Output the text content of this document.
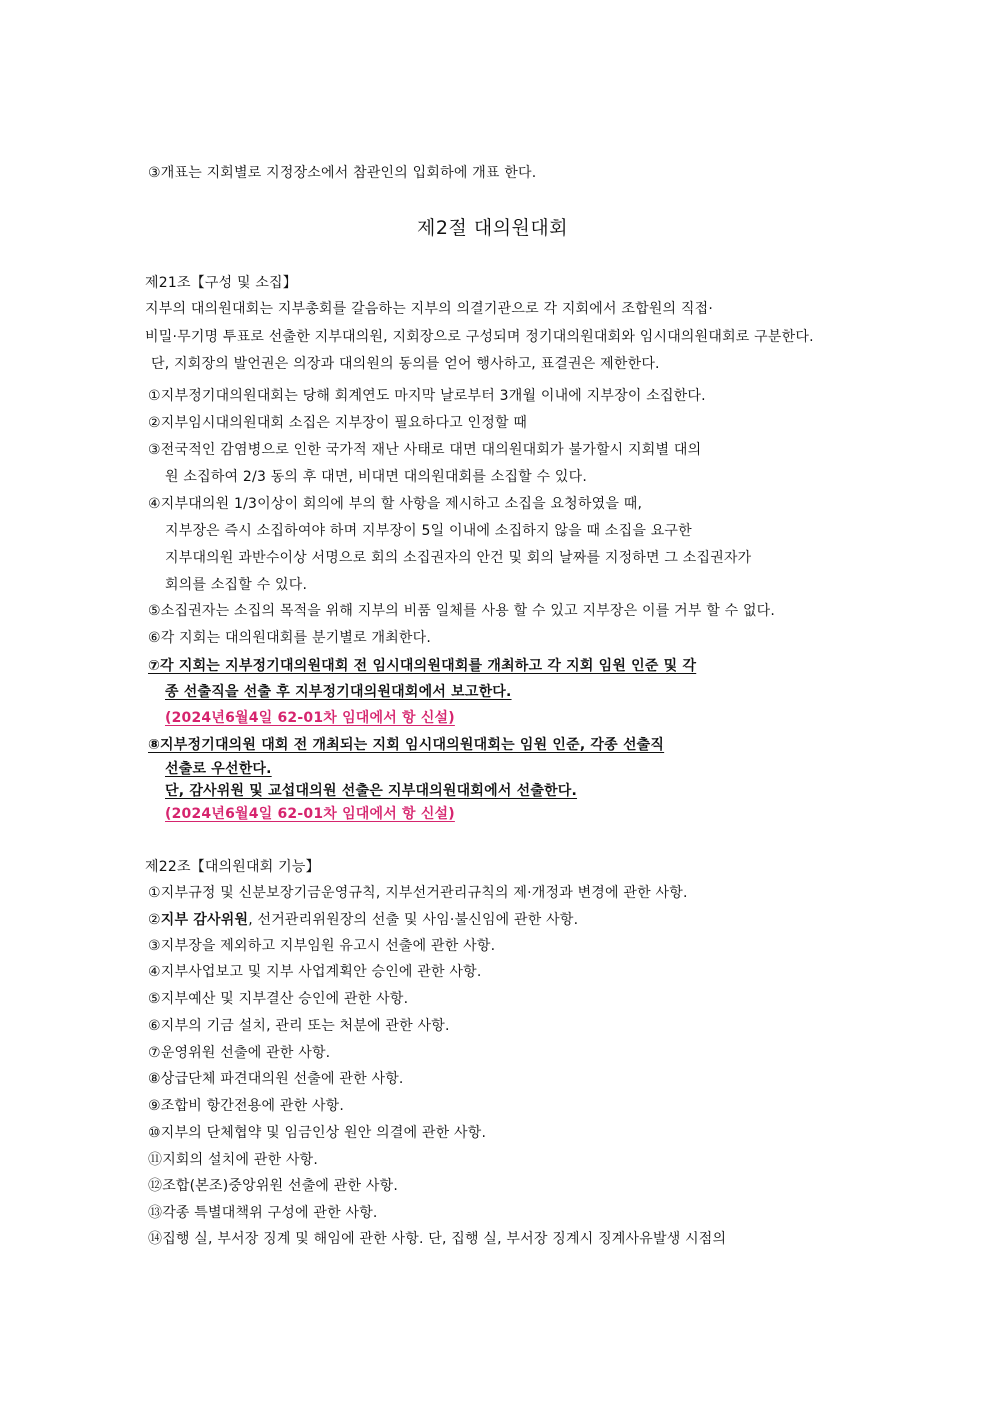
③개표는 지회별로 지정장소에서 참관인의 입회하에 개표 한다.
제2절 대의원대회
제21조【구성 및 소집】
지부의 대의원대회는 지부총회를 갈음하는 지부의 의결기관으로 각 지회에서 조합원의 직접·
비밀·무기명 투표로 선출한 지부대의원, 지회장으로 구성되며 정기대의원대회와 임시대의원대회로 구분한다.
단, 지회장의 발언권은 의장과 대의원의 동의를 얻어 행사하고, 표결권은 제한한다.
①지부정기대의원대회는 당해 회계연도 마지막 날로부터 3개월 이내에 지부장이 소집한다.
②지부임시대의원대회 소집은 지부장이 필요하다고 인정할 때
③전국적인 감염병으로 인한 국가적 재난 사태로 대면 대의원대회가 불가할시 지회별 대의
원 소집하여 2/3 동의 후 대면, 비대면 대의원대회를 소집할 수 있다.
④지부대의원 1/3이상이 회의에 부의 할 사항을 제시하고 소집을 요청하였을 때,
지부장은 즉시 소집하여야 하며 지부장이 5일 이내에 소집하지 않을 때 소집을 요구한
지부대의원 과반수이상 서명으로 회의 소집권자의 안건 및 회의 날짜를 지정하면 그 소집권자가
회의를 소집할 수 있다.
⑤소집권자는 소집의 목적을 위해 지부의 비품 일체를 사용 할 수 있고 지부장은 이를 거부 할 수 없다.
⑥각 지회는 대의원대회를 분기별로 개최한다.
⑦각 지회는 지부정기대의원대회 전 임시대의원대회를 개최하고 각 지회 임원 인준 및 각
종 선출직을 선출 후 지부정기대의원대회에서 보고한다.
(2024년6월4일 62-01차 임대에서 항 신설)
⑧지부정기대의원 대회 전 개최되는 지회 임시대의원대회는 임원 인준, 각종 선출직
선출로 우선한다.
단, 감사위원 및 교섭대의원 선출은 지부대의원대회에서 선출한다.
(2024년6월4일 62-01차 임대에서 항 신설)
제22조【대의원대회 기능】
①지부규정 및 신분보장기금운영규칙, 지부선거관리규칙의 제·개정과 변경에 관한 사항.
②지부 감사위원, 선거관리위원장의 선출 및 사임·불신임에 관한 사항.
③지부장을 제외하고 지부임원 유고시 선출에 관한 사항.
④지부사업보고 및 지부 사업계획안 승인에 관한 사항.
⑤지부예산 및 지부결산 승인에 관한 사항.
⑥지부의 기금 설치, 관리 또는 처분에 관한 사항.
⑦운영위원 선출에 관한 사항.
⑧상급단체 파견대의원 선출에 관한 사항.
⑨조합비 항간전용에 관한 사항.
⑩지부의 단체협약 및 임금인상 원안 의결에 관한 사항.
⑪지회의 설치에 관한 사항.
⑫조합(본조)중앙위원 선출에 관한 사항.
⑬각종 특별대책위 구성에 관한 사항.
⑭집행 실, 부서장 징계 및 해임에 관한 사항. 단, 집행 실, 부서장 징계시 징계사유발생 시점의
